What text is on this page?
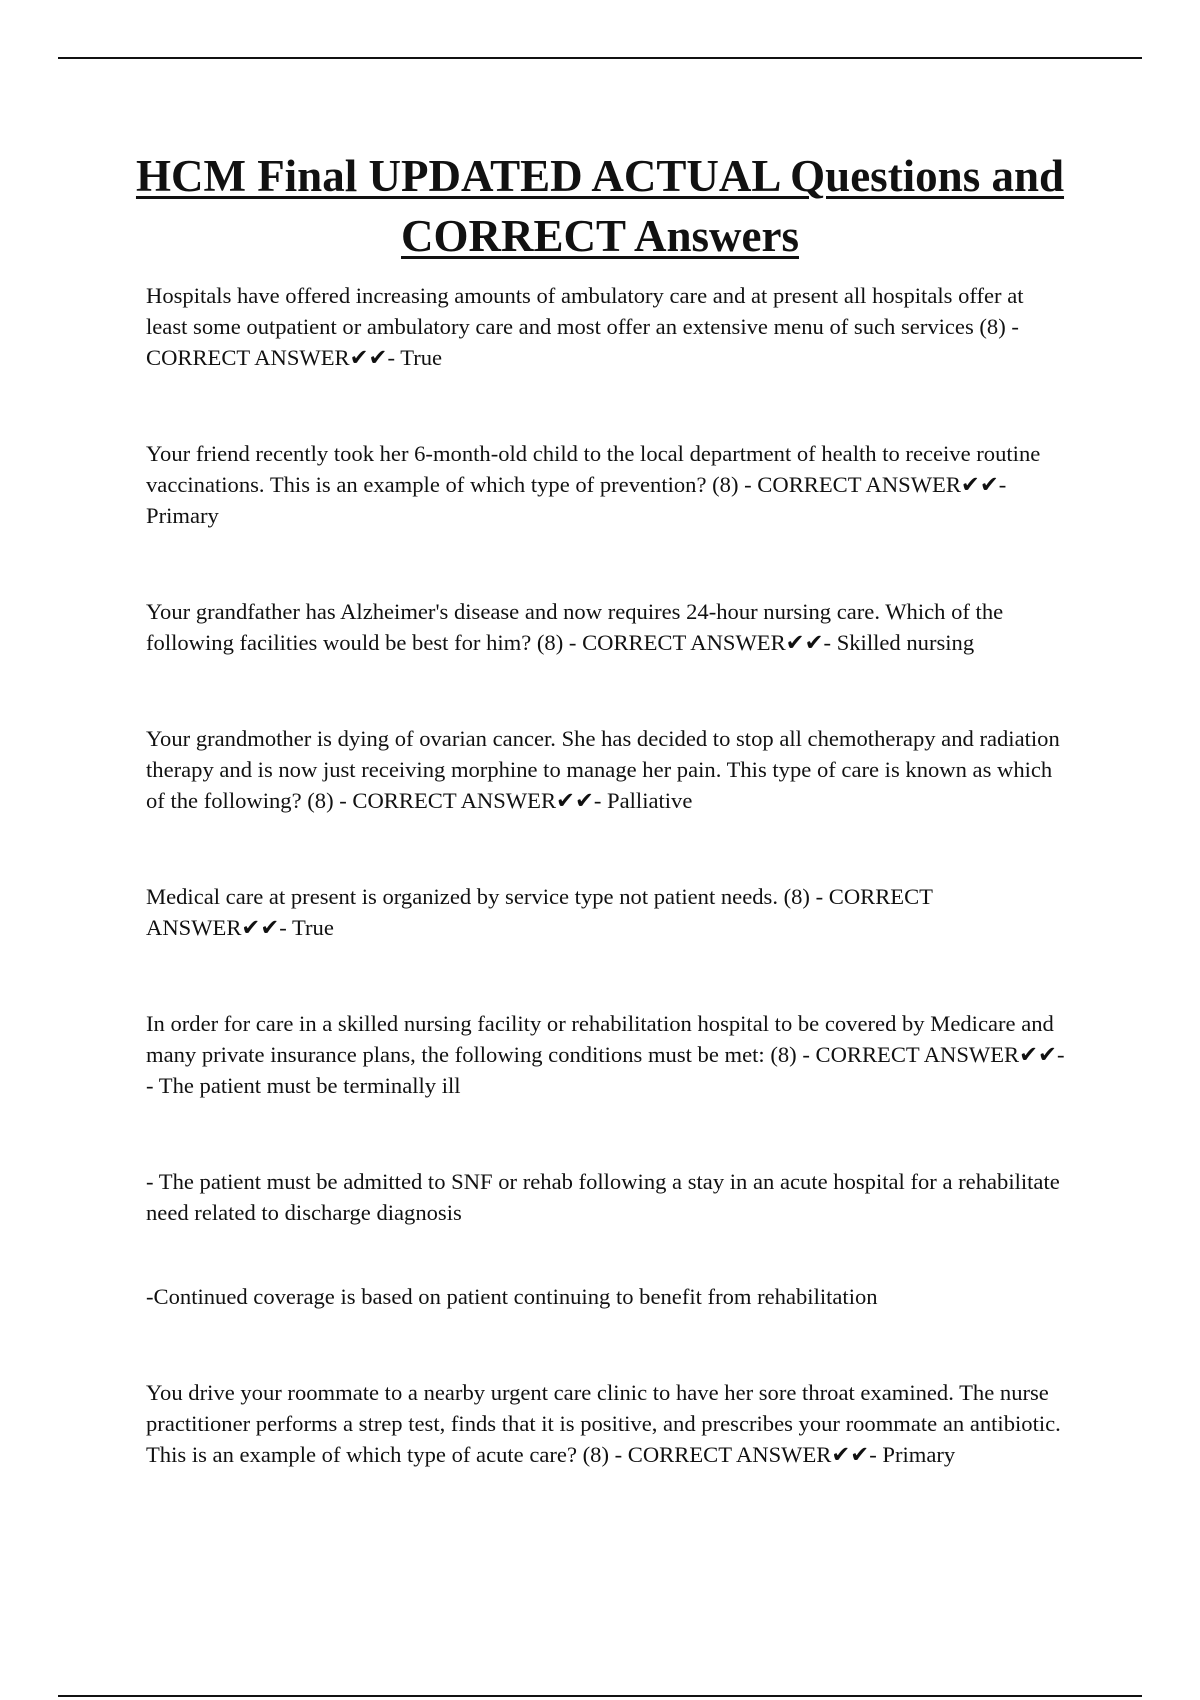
HCM Final UPDATED ACTUAL Questions and CORRECT Answers

Hospitals have offered increasing amounts of ambulatory care and at present all hospitals offer at least some outpatient or ambulatory care and most offer an extensive menu of such services (8) - CORRECT ANSWER✔✔- True

Your friend recently took her 6-month-old child to the local department of health to receive routine vaccinations. This is an example of which type of prevention? (8) - CORRECT ANSWER✔✔- Primary

Your grandfather has Alzheimer's disease and now requires 24-hour nursing care. Which of the following facilities would be best for him? (8) - CORRECT ANSWER✔✔- Skilled nursing

Your grandmother is dying of ovarian cancer. She has decided to stop all chemotherapy and radiation therapy and is now just receiving morphine to manage her pain. This type of care is known as which of the following? (8) - CORRECT ANSWER✔✔- Palliative

Medical care at present is organized by service type not patient needs. (8) - CORRECT ANSWER✔✔- True

In order for care in a skilled nursing facility or rehabilitation hospital to be covered by Medicare and many private insurance plans, the following conditions must be met: (8) - CORRECT ANSWER✔✔- - The patient must be terminally ill

- The patient must be admitted to SNF or rehab following a stay in an acute hospital for a rehabilitate need related to discharge diagnosis

-Continued coverage is based on patient continuing to benefit from rehabilitation

You drive your roommate to a nearby urgent care clinic to have her sore throat examined. The nurse practitioner performs a strep test, finds that it is positive, and prescribes your roommate an antibiotic. This is an example of which type of acute care? (8) - CORRECT ANSWER✔✔- Primary
